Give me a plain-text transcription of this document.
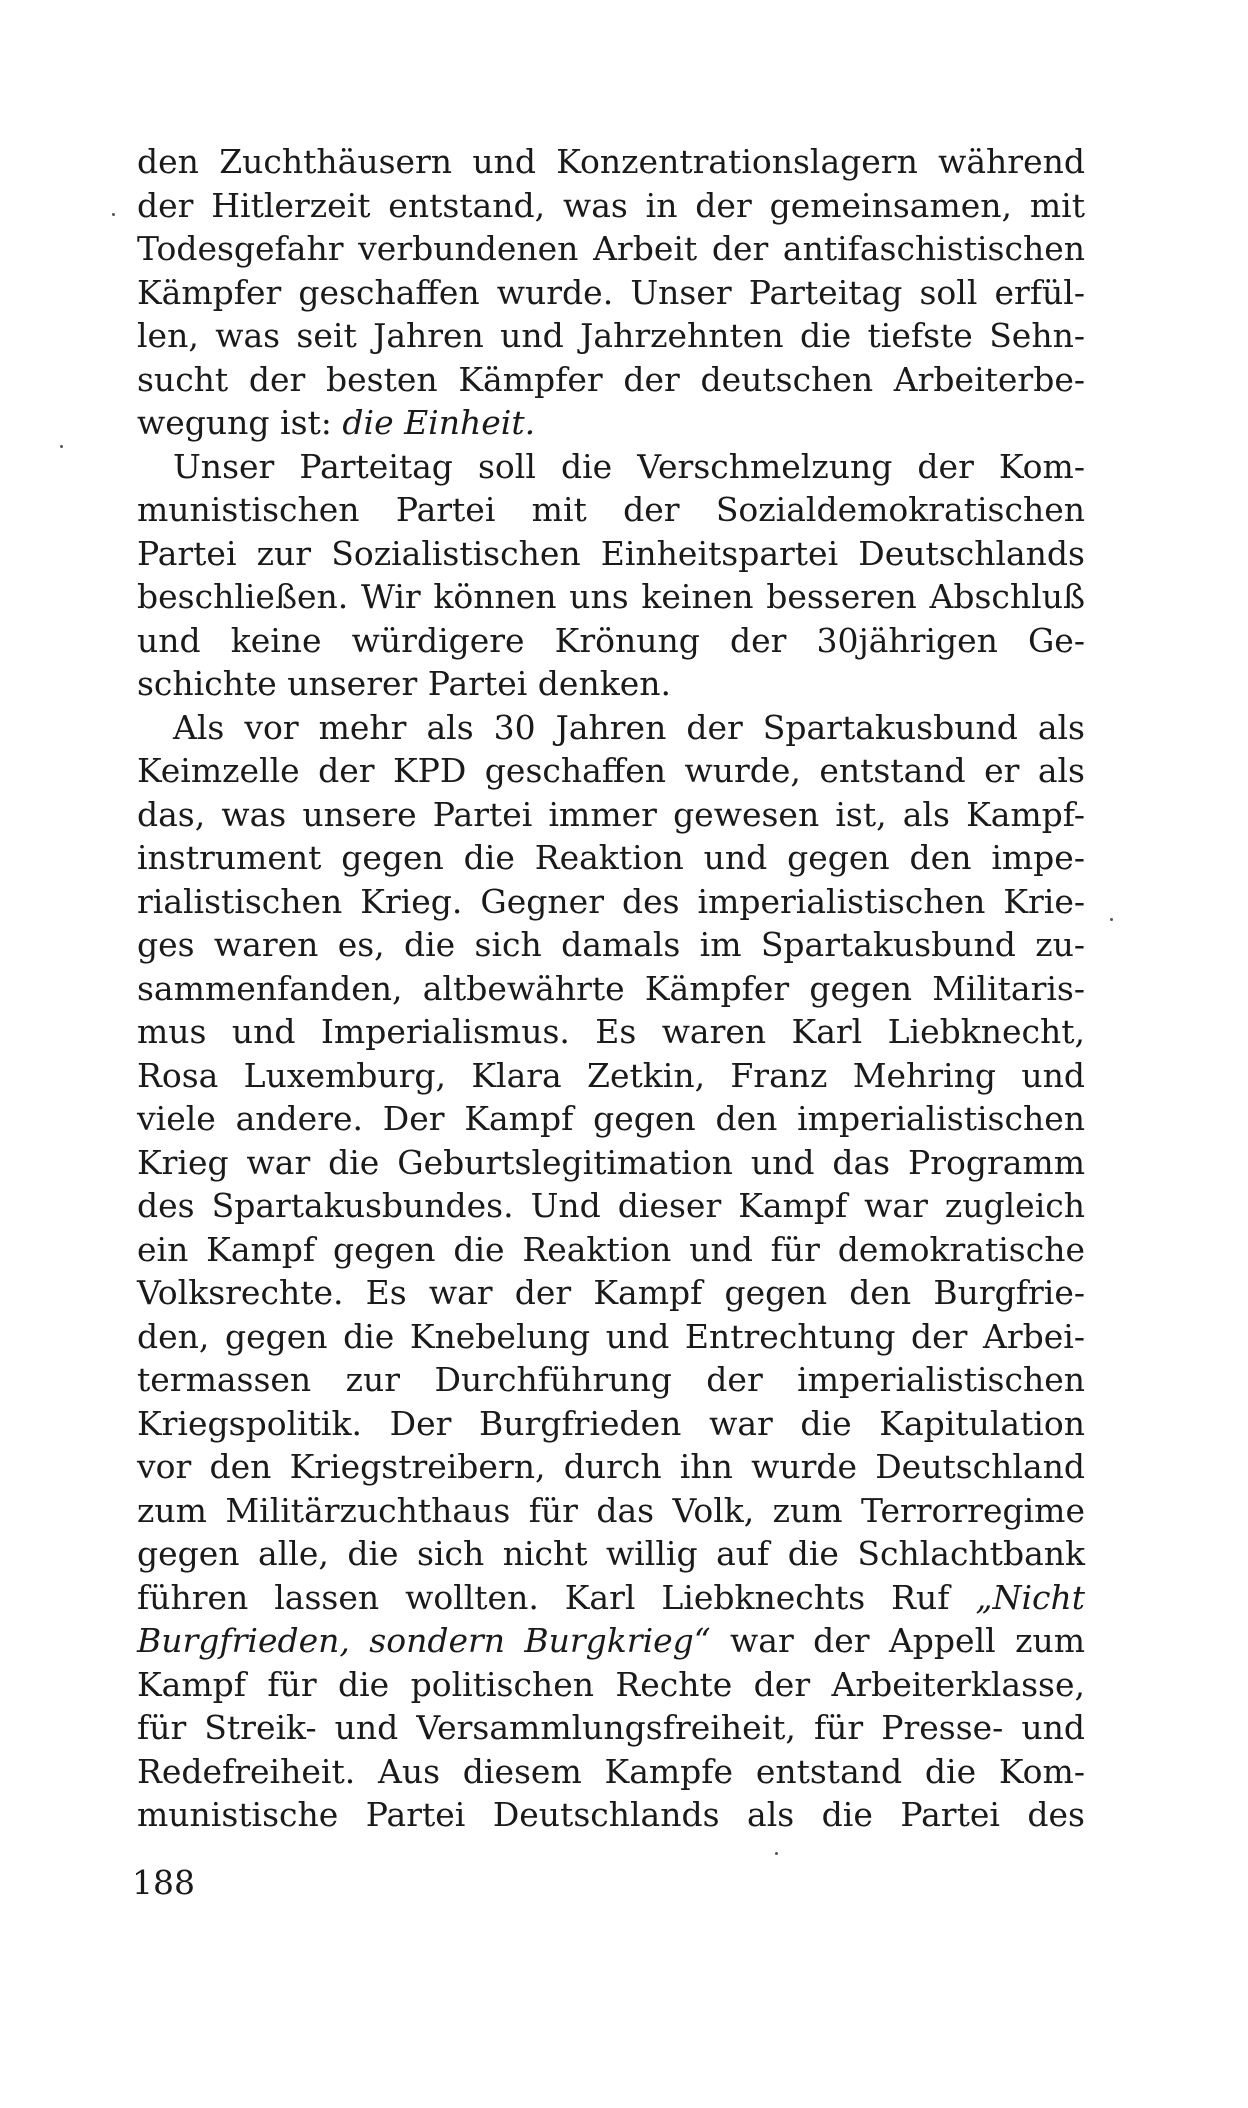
den Zuchthäusern und Konzentrationslagern während
der Hitlerzeit entstand, was in der gemeinsamen, mit
Todesgefahr verbundenen Arbeit der antifaschistischen
Kämpfer geschaffen wurde. Unser Parteitag soll erfül-
len, was seit Jahren und Jahrzehnten die tiefste Sehn-
sucht der besten Kämpfer der deutschen Arbeiterbe-
wegung ist: die Einheit.
Unser Parteitag soll die Verschmelzung der Kom-
munistischen Partei mit der Sozialdemokratischen
Partei zur Sozialistischen Einheitspartei Deutschlands
beschließen. Wir können uns keinen besseren Abschluß
und keine würdigere Krönung der 30jährigen Ge-
schichte unserer Partei denken.
Als vor mehr als 30 Jahren der Spartakusbund als
Keimzelle der KPD geschaffen wurde, entstand er als
das, was unsere Partei immer gewesen ist, als Kampf-
instrument gegen die Reaktion und gegen den impe-
rialistischen Krieg. Gegner des imperialistischen Krie-
ges waren es, die sich damals im Spartakusbund zu-
sammenfanden, altbewährte Kämpfer gegen Militaris-
mus und Imperialismus. Es waren Karl Liebknecht,
Rosa Luxemburg, Klara Zetkin, Franz Mehring und
viele andere. Der Kampf gegen den imperialistischen
Krieg war die Geburtslegitimation und das Programm
des Spartakusbundes. Und dieser Kampf war zugleich
ein Kampf gegen die Reaktion und für demokratische
Volksrechte. Es war der Kampf gegen den Burgfrie-
den, gegen die Knebelung und Entrechtung der Arbei-
termassen zur Durchführung der imperialistischen
Kriegspolitik. Der Burgfrieden war die Kapitulation
vor den Kriegstreibern, durch ihn wurde Deutschland
zum Militärzuchthaus für das Volk, zum Terrorregime
gegen alle, die sich nicht willig auf die Schlachtbank
führen lassen wollten. Karl Liebknechts Ruf „Nicht
Burgfrieden, sondern Burgkrieg“ war der Appell zum
Kampf für die politischen Rechte der Arbeiterklasse,
für Streik- und Versammlungsfreiheit, für Presse- und
Redefreiheit. Aus diesem Kampfe entstand die Kom-
munistische Partei Deutschlands als die Partei des
188
